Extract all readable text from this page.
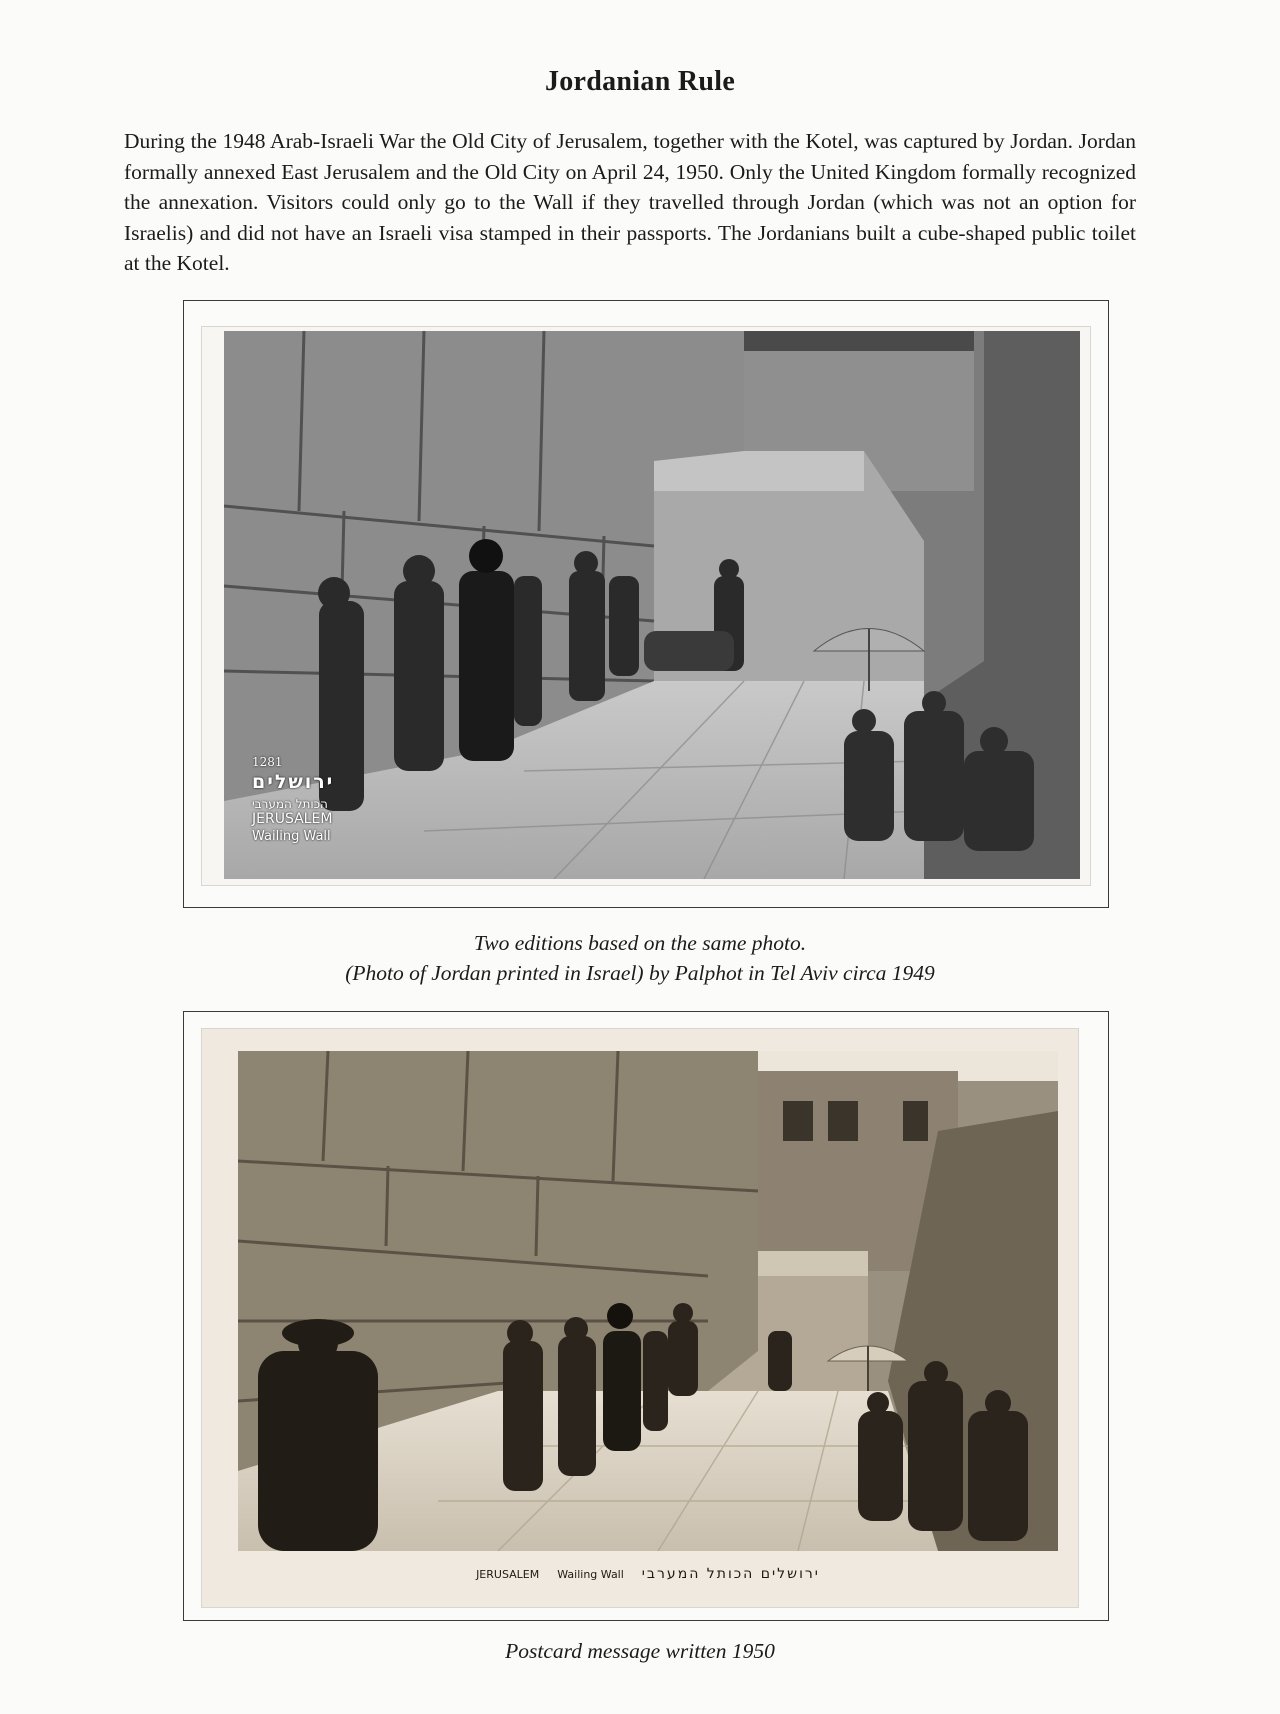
Jordanian Rule
During the 1948 Arab-Israeli War the Old City of Jerusalem, together with the Kotel, was captured by Jordan. Jordan formally annexed East Jerusalem and the Old City on April 24, 1950. Only the United Kingdom formally recognized the annexation. Visitors could only go to the Wall if they travelled through Jordan (which was not an option for Israelis) and did not have an Israeli visa stamped in their passports. The Jordanians built a cube-shaped public toilet at the Kotel.
1281
ירושלים
הכותל המערבי
JERUSALEM
Wailing Wall
Two editions based on the same photo.
(Photo of Jordan printed in Israel) by Palphot in Tel Aviv circa 1949
JERUSALEM Wailing Wall ירושלים הכותל המערבי
Postcard message written 1950
